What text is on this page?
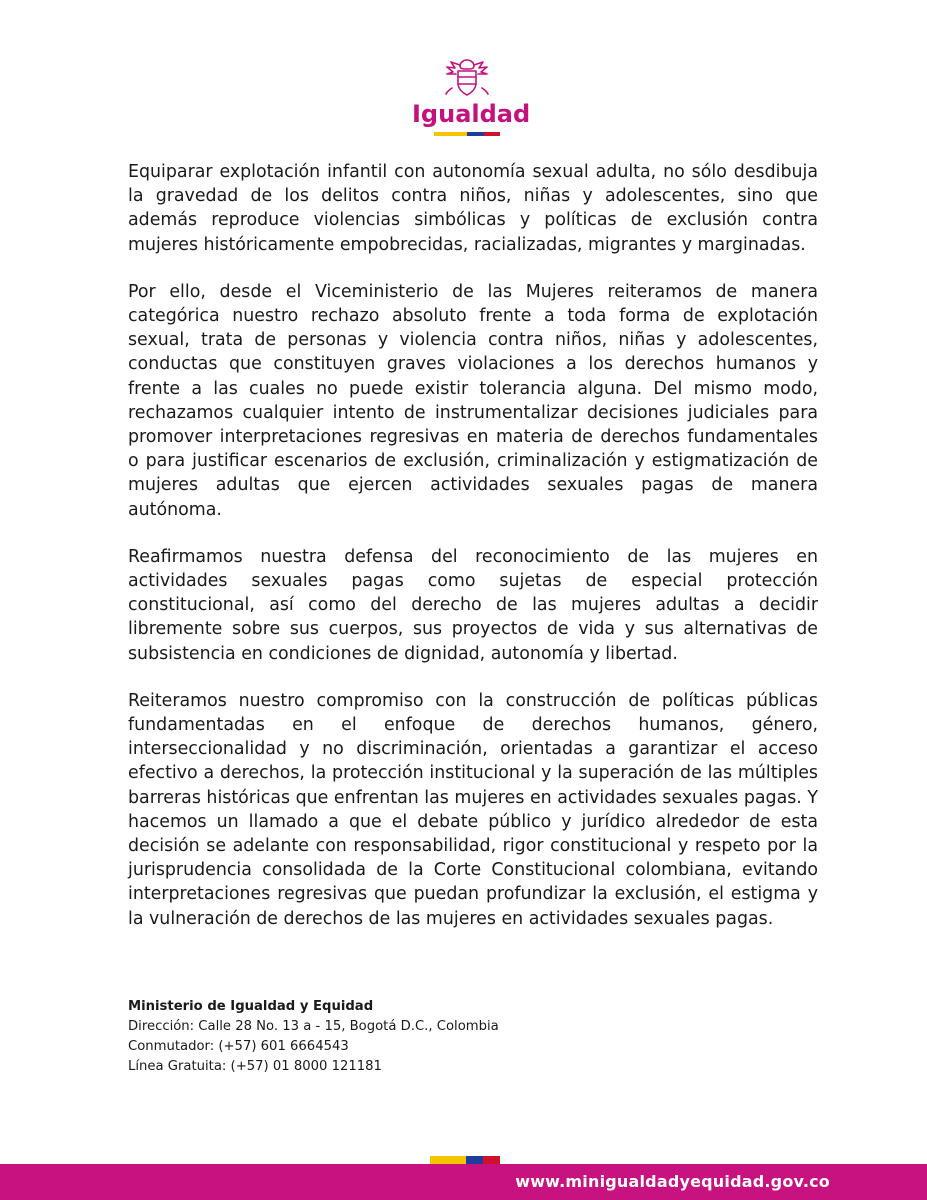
Igualdad

Equiparar explotación infantil con autonomía sexual adulta, no sólo desdibuja la gravedad de los delitos contra niños, niñas y adolescentes, sino que además reproduce violencias simbólicas y políticas de exclusión contra mujeres históricamente empobrecidas, racializadas, migrantes y marginadas.

Por ello, desde el Viceministerio de las Mujeres reiteramos de manera categórica nuestro rechazo absoluto frente a toda forma de explotación sexual, trata de personas y violencia contra niños, niñas y adolescentes, conductas que constituyen graves violaciones a los derechos humanos y frente a las cuales no puede existir tolerancia alguna. Del mismo modo, rechazamos cualquier intento de instrumentalizar decisiones judiciales para promover interpretaciones regresivas en materia de derechos fundamentales o para justificar escenarios de exclusión, criminalización y estigmatización de mujeres adultas que ejercen actividades sexuales pagas de manera autónoma.

Reafirmamos nuestra defensa del reconocimiento de las mujeres en actividades sexuales pagas como sujetas de especial protección constitucional, así como del derecho de las mujeres adultas a decidir libremente sobre sus cuerpos, sus proyectos de vida y sus alternativas de subsistencia en condiciones de dignidad, autonomía y libertad.

Reiteramos nuestro compromiso con la construcción de políticas públicas fundamentadas en el enfoque de derechos humanos, género, interseccionalidad y no discriminación, orientadas a garantizar el acceso efectivo a derechos, la protección institucional y la superación de las múltiples barreras históricas que enfrentan las mujeres en actividades sexuales pagas. Y hacemos un llamado a que el debate público y jurídico alrededor de esta decisión se adelante con responsabilidad, rigor constitucional y respeto por la jurisprudencia consolidada de la Corte Constitucional colombiana, evitando interpretaciones regresivas que puedan profundizar la exclusión, el estigma y la vulneración de derechos de las mujeres en actividades sexuales pagas.

Ministerio de Igualdad y Equidad
Dirección: Calle 28 No. 13 a - 15, Bogotá D.C., Colombia
Conmutador: (+57) 601 6664543
Línea Gratuita: (+57) 01 8000 121181
www.minigualdadyequidad.gov.co
